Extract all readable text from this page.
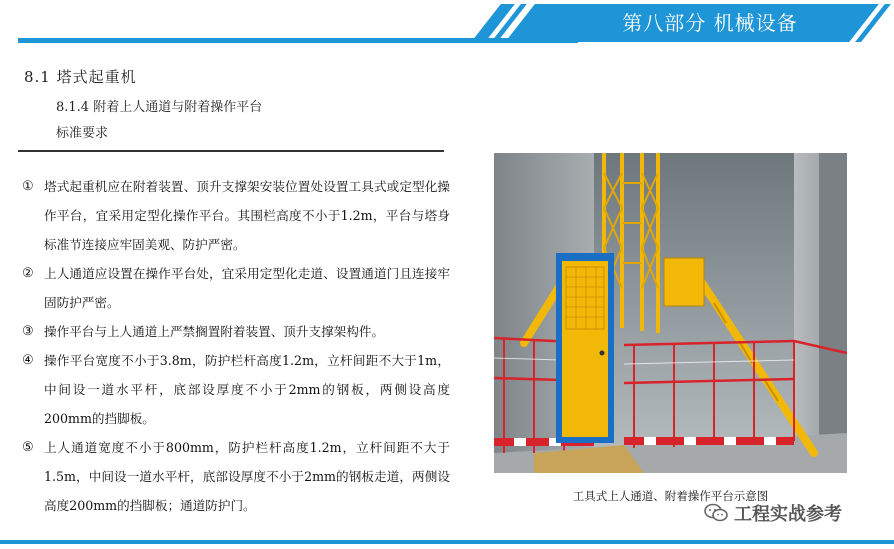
第八部分 机械设备
8.1 塔式起重机
8.1.4 附着上人通道与附着操作平台
标准要求
① 塔式起重机应在附着装置、顶升支撑架安装位置处设置工具式或定型化操作平台，宜采用定型化操作平台。其围栏高度不小于1.2m，平台与塔身标准节连接应牢固美观、防护严密。
② 上人通道应设置在操作平台处，宜采用定型化走道、设置通道门且连接牢固防护严密。
③ 操作平台与上人通道上严禁搁置附着装置、顶升支撑架构件。
④ 操作平台宽度不小于3.8m，防护栏杆高度1.2m，立杆间距不大于1m，中间设一道水平杆，底部设厚度不小于2mm的钢板，两侧设高度200mm的挡脚板。
⑤ 上人通道宽度不小于800mm，防护栏杆高度1.2m，立杆间距不大于1.5m，中间设一道水平杆，底部设厚度不小于2mm的钢板走道，两侧设高度200mm的挡脚板；通道防护门。
工具式上人通道、附着操作平台示意图
工程实战参考
